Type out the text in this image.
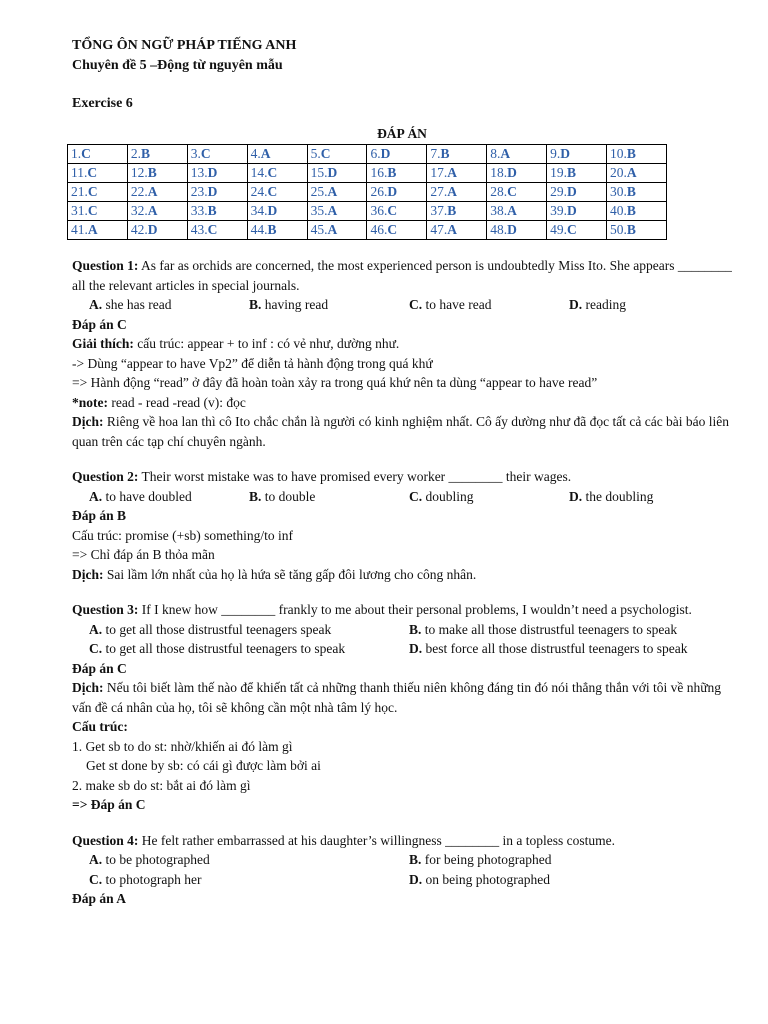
TỔNG ÔN NGỮ PHÁP TIẾNG ANH
Chuyên đề 5 –Động từ nguyên mẫu
Exercise 6
ĐÁP ÁN
1.C	2.B	3.C	4.A	5.C	6.D	7.B	8.A	9.D	10.B
11.C	12.B	13.D	14.C	15.D	16.B	17.A	18.D	19.B	20.A
21.C	22.A	23.D	24.C	25.A	26.D	27.A	28.C	29.D	30.B
31.C	32.A	33.B	34.D	35.A	36.C	37.B	38.A	39.D	40.B
41.A	42.D	43.C	44.B	45.A	46.C	47.A	48.D	49.C	50.B
Question 1: As far as orchids are concerned, the most experienced person is undoubtedly Miss Ito. She appears ________ all the relevant articles in special journals.
A. she has read	B. having read	C. to have read	D. reading
Đáp án C
Giải thích: cấu trúc: appear + to inf : có vẻ như, dường như.
-> Dùng “appear to have Vp2” để diễn tả hành động trong quá khứ
=> Hành động “read” ở đây đã hoàn toàn xảy ra trong quá khứ nên ta dùng “appear to have read”
*note: read - read -read (v): đọc
Dịch: Riêng về hoa lan thì cô Ito chắc chắn là người có kinh nghiệm nhất. Cô ấy dường như đã đọc tất cả các bài báo liên quan trên các tạp chí chuyên ngành.
Question 2: Their worst mistake was to have promised every worker ________ their wages.
A. to have doubled	B. to double	C. doubling	D. the doubling
Đáp án B
Cấu trúc: promise (+sb) something/to inf
=> Chỉ đáp án B thỏa mãn
Dịch: Sai lầm lớn nhất của họ là hứa sẽ tăng gấp đôi lương cho công nhân.
Question 3: If I knew how ________ frankly to me about their personal problems, I wouldn’t need a psychologist.
A. to get all those distrustful teenagers speak	B. to make all those distrustful teenagers to speak
C. to get all those distrustful teenagers to speak	D. best force all those distrustful teenagers to speak
Đáp án C
Dịch: Nếu tôi biết làm thế nào để khiến tất cả những thanh thiếu niên không đáng tin đó nói thẳng thắn với tôi về những vấn đề cá nhân của họ, tôi sẽ không cần một nhà tâm lý học.
Cấu trúc:
1. Get sb to do st: nhờ/khiến ai đó làm gì
Get st done by sb: có cái gì được làm bởi ai
2. make sb do st: bắt ai đó làm gì
=> Đáp án C
Question 4: He felt rather embarrassed at his daughter’s willingness ________ in a topless costume.
A. to be photographed	B. for being photographed
C. to photograph her	D. on being photographed
Đáp án A
